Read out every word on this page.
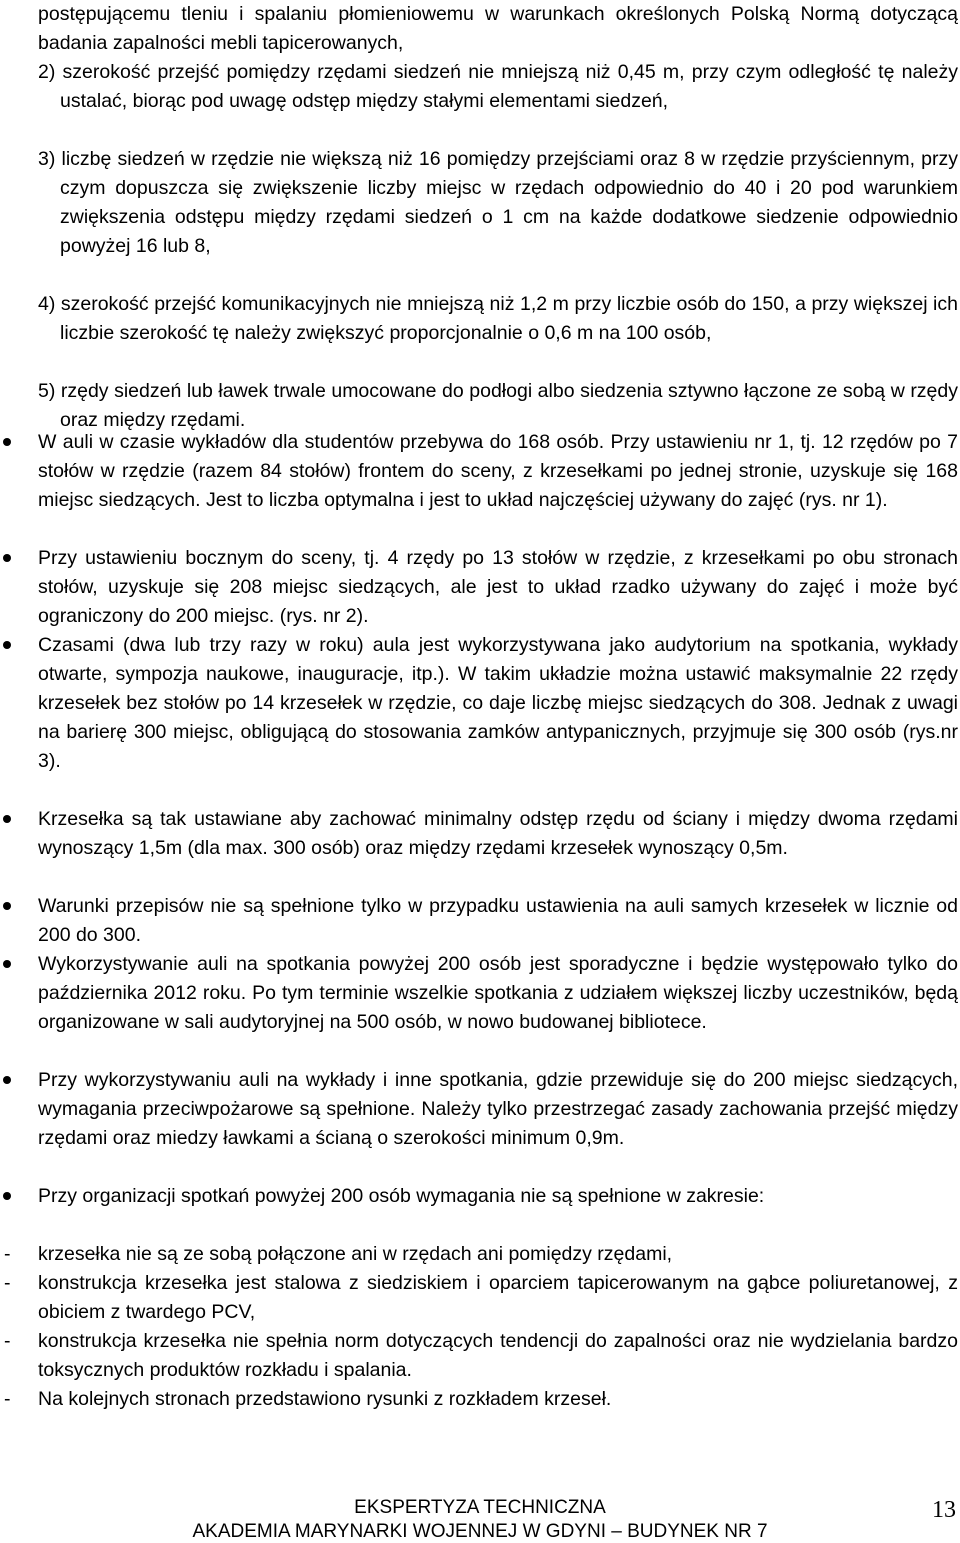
postępującemu tleniu i spalaniu płomieniowemu w warunkach określonych Polską Normą dotyczącą badania zapalności mebli tapicerowanych,
2) szerokość przejść pomiędzy rzędami siedzeń nie mniejszą niż 0,45 m, przy czym odległość tę należy ustalać, biorąc pod uwagę odstęp między stałymi elementami siedzeń,
3) liczbę siedzeń w rzędzie nie większą niż 16 pomiędzy przejściami oraz 8 w rzędzie przyściennym, przy czym dopuszcza się zwiększenie liczby miejsc w rzędach odpowiednio do 40 i 20 pod warunkiem zwiększenia odstępu między rzędami siedzeń o 1 cm na każde dodatkowe siedzenie odpowiednio powyżej 16 lub 8,
4) szerokość przejść komunikacyjnych nie mniejszą niż 1,2 m przy liczbie osób do 150, a przy większej ich liczbie szerokość tę należy zwiększyć proporcjonalnie o 0,6 m na 100 osób,
5) rzędy siedzeń lub ławek trwale umocowane do podłogi albo siedzenia sztywno łączone ze sobą w rzędy oraz między rzędami.
W auli w czasie wykładów dla studentów przebywa do 168 osób. Przy ustawieniu nr 1, tj. 12 rzędów po 7 stołów w rzędzie (razem 84 stołów) frontem do sceny, z krzesełkami po jednej stronie, uzyskuje się 168 miejsc siedzących. Jest to liczba optymalna i jest to układ najczęściej używany do zajęć (rys. nr 1).
Przy ustawieniu bocznym do sceny, tj. 4 rzędy po 13 stołów w rzędzie, z krzesełkami po obu stronach stołów, uzyskuje się 208 miejsc siedzących, ale jest to układ rzadko używany do zajęć i może być ograniczony do 200 miejsc. (rys. nr 2).
Czasami (dwa lub trzy razy w roku) aula jest wykorzystywana jako audytorium na spotkania, wykłady otwarte, sympozja naukowe, inauguracje, itp.). W takim układzie można ustawić maksymalnie 22 rzędy krzesełek bez stołów po 14 krzesełek w rzędzie, co daje liczbę miejsc siedzących do 308. Jednak z uwagi na barierę 300 miejsc, obligującą do stosowania zamków antypanicznych, przyjmuje się 300 osób (rys.nr 3).
Krzesełka są tak ustawiane aby zachować minimalny odstęp rzędu od ściany i między dwoma rzędami wynoszący 1,5m (dla max. 300 osób) oraz między rzędami krzesełek wynoszący 0,5m.
Warunki przepisów nie są spełnione tylko w przypadku ustawienia na auli samych krzesełek w licznie od 200 do 300.
Wykorzystywanie auli na spotkania powyżej 200 osób jest sporadyczne i będzie występowało tylko do października 2012 roku. Po tym terminie wszelkie spotkania z udziałem większej liczby uczestników, będą organizowane w sali audytoryjnej na 500 osób, w nowo budowanej bibliotece.
Przy wykorzystywaniu auli na wykłady i inne spotkania, gdzie przewiduje się do 200 miejsc siedzących, wymagania przeciwpożarowe są spełnione. Należy tylko przestrzegać zasady zachowania przejść między rzędami oraz miedzy ławkami a ścianą o szerokości minimum 0,9m.
Przy organizacji spotkań powyżej 200 osób wymagania nie są spełnione w zakresie:
- krzesełka nie są ze sobą połączone ani w rzędach ani pomiędzy rzędami,
- konstrukcja krzesełka jest stalowa z siedziskiem i oparciem tapicerowanym na gąbce poliuretanowej, z obiciem z twardego PCV,
- konstrukcja krzesełka nie spełnia norm dotyczących tendencji do zapalności oraz nie wydzielania bardzo toksycznych produktów rozkładu i spalania.
- Na kolejnych stronach przedstawiono rysunki z rozkładem krzeseł.
EKSPERTYZA TECHNICZNA
AKADEMIA MARYNARKI WOJENNEJ W GDYNI – BUDYNEK NR 7
13
